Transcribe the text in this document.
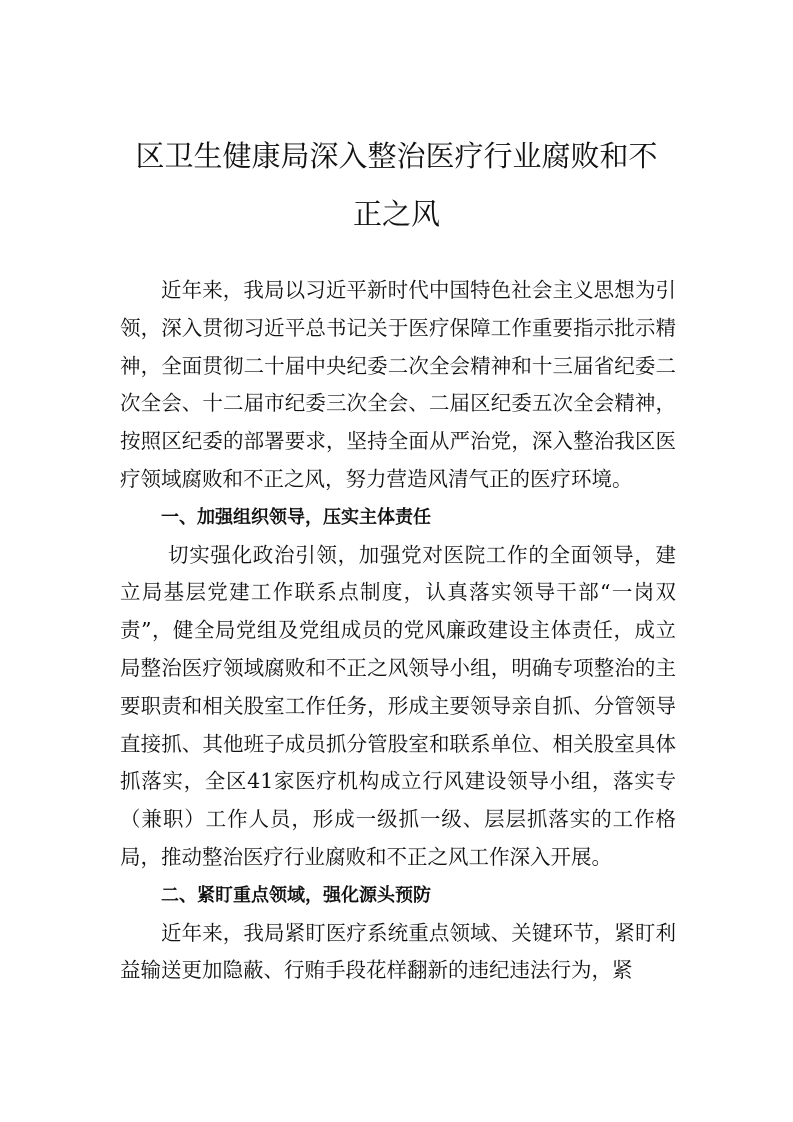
区卫生健康局深入整治医疗行业腐败和不
正之风

近年来，我局以习近平新时代中国特色社会主义思想为引领，深入贯彻习近平总书记关于医疗保障工作重要指示批示精神，全面贯彻二十届中央纪委二次全会精神和十三届省纪委二次全会、十二届市纪委三次全会、二届区纪委五次全会精神，按照区纪委的部署要求，坚持全面从严治党，深入整治我区医疗领域腐败和不正之风，努力营造风清气正的医疗环境。

一、加强组织领导，压实主体责任

切实强化政治引领，加强党对医院工作的全面领导，建立局基层党建工作联系点制度，认真落实领导干部“一岗双责”，健全局党组及党组成员的党风廉政建设主体责任，成立局整治医疗领域腐败和不正之风领导小组，明确专项整治的主要职责和相关股室工作任务，形成主要领导亲自抓、分管领导直接抓、其他班子成员抓分管股室和联系单位、相关股室具体抓落实，全区41家医疗机构成立行风建设领导小组，落实专（兼职）工作人员，形成一级抓一级、层层抓落实的工作格局，推动整治医疗行业腐败和不正之风工作深入开展。

二、紧盯重点领域，强化源头预防

近年来，我局紧盯医疗系统重点领域、关键环节，紧盯利益输送更加隐蔽、行贿手段花样翻新的违纪违法行为，紧
